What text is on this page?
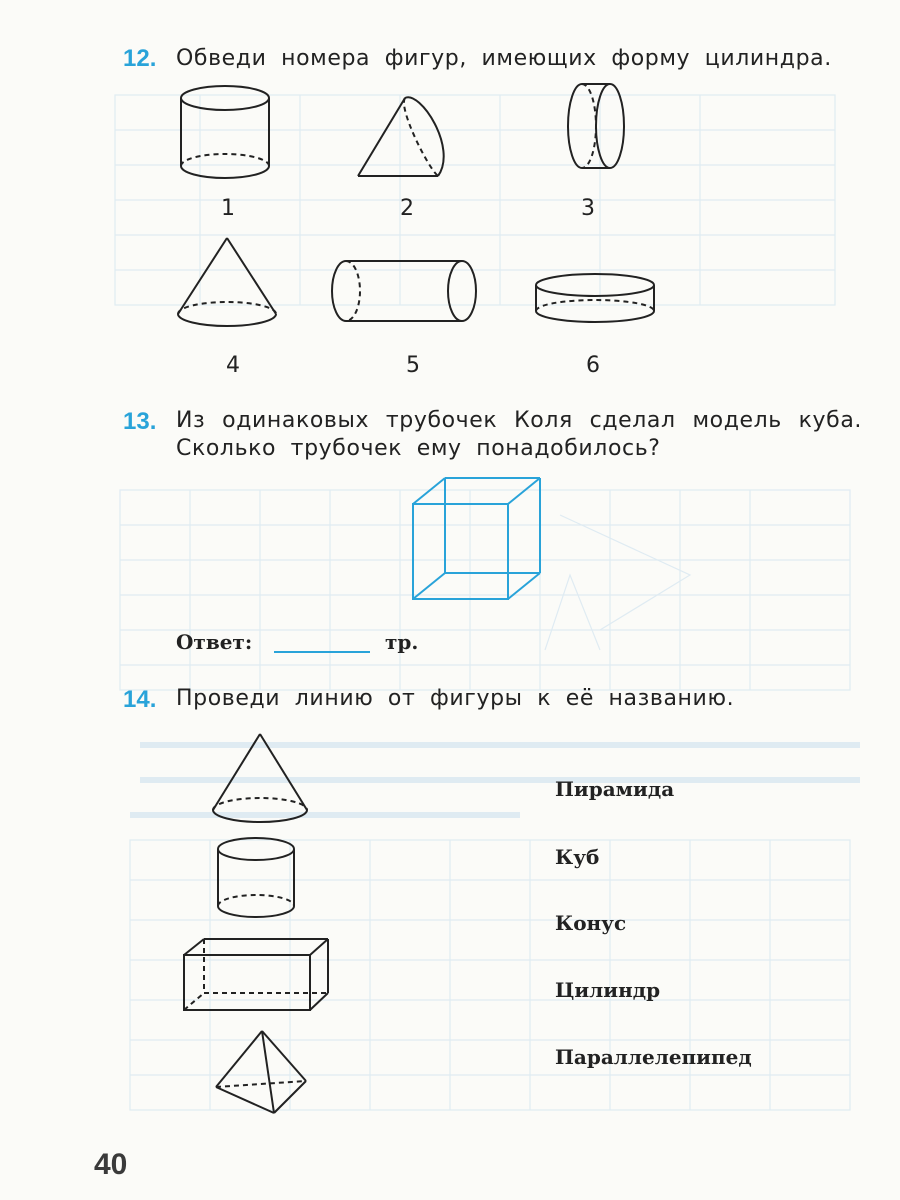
12. Обведи номера фигур, имеющих форму цилиндра.
1	2	3
4	5	6
13. Из одинаковых трубочек Коля сделал модель куба.
Сколько трубочек ему понадобилось?
Ответ:	тр.
14. Проведи линию от фигуры к её названию.
Пирамида
Куб
Конус
Цилиндр
Параллелепипед
40
